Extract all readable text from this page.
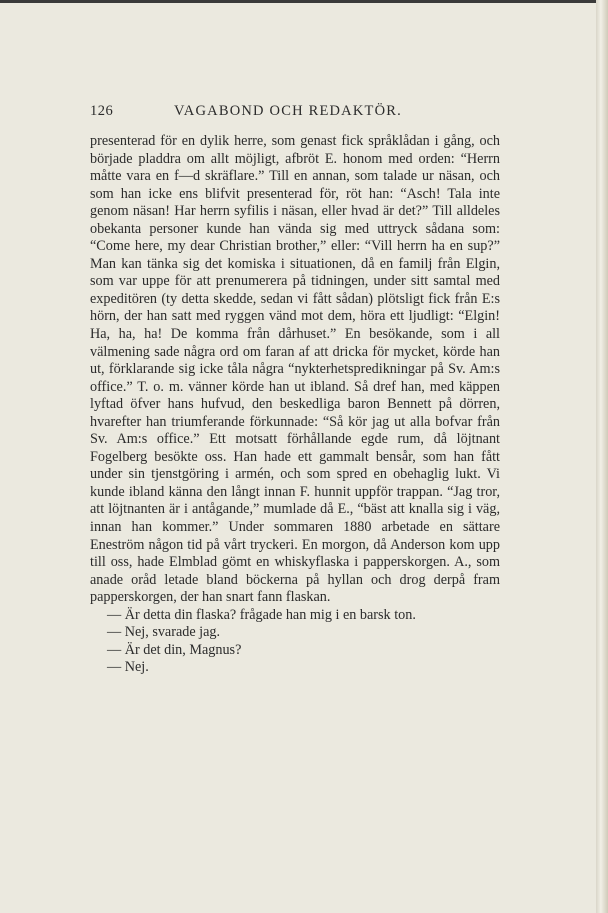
126	VAGABOND OCH REDAKTÖR.

presenterad för en dylik herre, som genast fick språklådan i gång, och började pladdra om allt möjligt, afbröt E. honom med orden: “Herrn måtte vara en f—d skräflare.” Till en annan, som talade ur näsan, och som han icke ens blifvit presenterad för, röt han: “Asch! Tala inte genom näsan! Har herrn syfilis i näsan, eller hvad är det?” Till alldeles obekanta personer kunde han vända sig med uttryck sådana som: “Come here, my dear Christian brother,” eller: “Vill herrn ha en sup?” Man kan tänka sig det komiska i situationen, då en familj från Elgin, som var uppe för att prenumerera på tidningen, under sitt samtal med expeditören (ty detta skedde, sedan vi fått sådan) plötsligt fick från E:s hörn, der han satt med ryggen vänd mot dem, höra ett ljudligt: “Elgin! Ha, ha, ha! De komma från dårhuset.” En besökande, som i all välmening sade några ord om faran af att dricka för mycket, körde han ut, förklarande sig icke tåla några “nykterhetspredikningar på Sv. Am:s office.” T. o. m. vänner körde han ut ibland. Så dref han, med käppen lyftad öfver hans hufvud, den beskedliga baron Bennett på dörren, hvarefter han triumferande förkunnade: “Så kör jag ut alla bofvar från Sv. Am:s office.” Ett motsatt förhållande egde rum, då löjtnant Fogelberg besökte oss. Han hade ett gammalt bensår, som han fått under sin tjenstgöring i armén, och som spred en obehaglig lukt. Vi kunde ibland känna den långt innan F. hunnit uppför trappan. “Jag tror, att löjtnanten är i antågande,” mumlade då E., “bäst att knalla sig i väg, innan han kommer.” Under sommaren 1880 arbetade en sättare Eneström någon tid på vårt tryckeri. En morgon, då Anderson kom upp till oss, hade Elmblad gömt en whiskyflaska i papperskorgen. A., som anade oråd letade bland böckerna på hyllan och drog derpå fram papperskorgen, der han snart fann flaskan.

— Är detta din flaska? frågade han mig i en barsk ton.

— Nej, svarade jag.

— Är det din, Magnus?

— Nej.
